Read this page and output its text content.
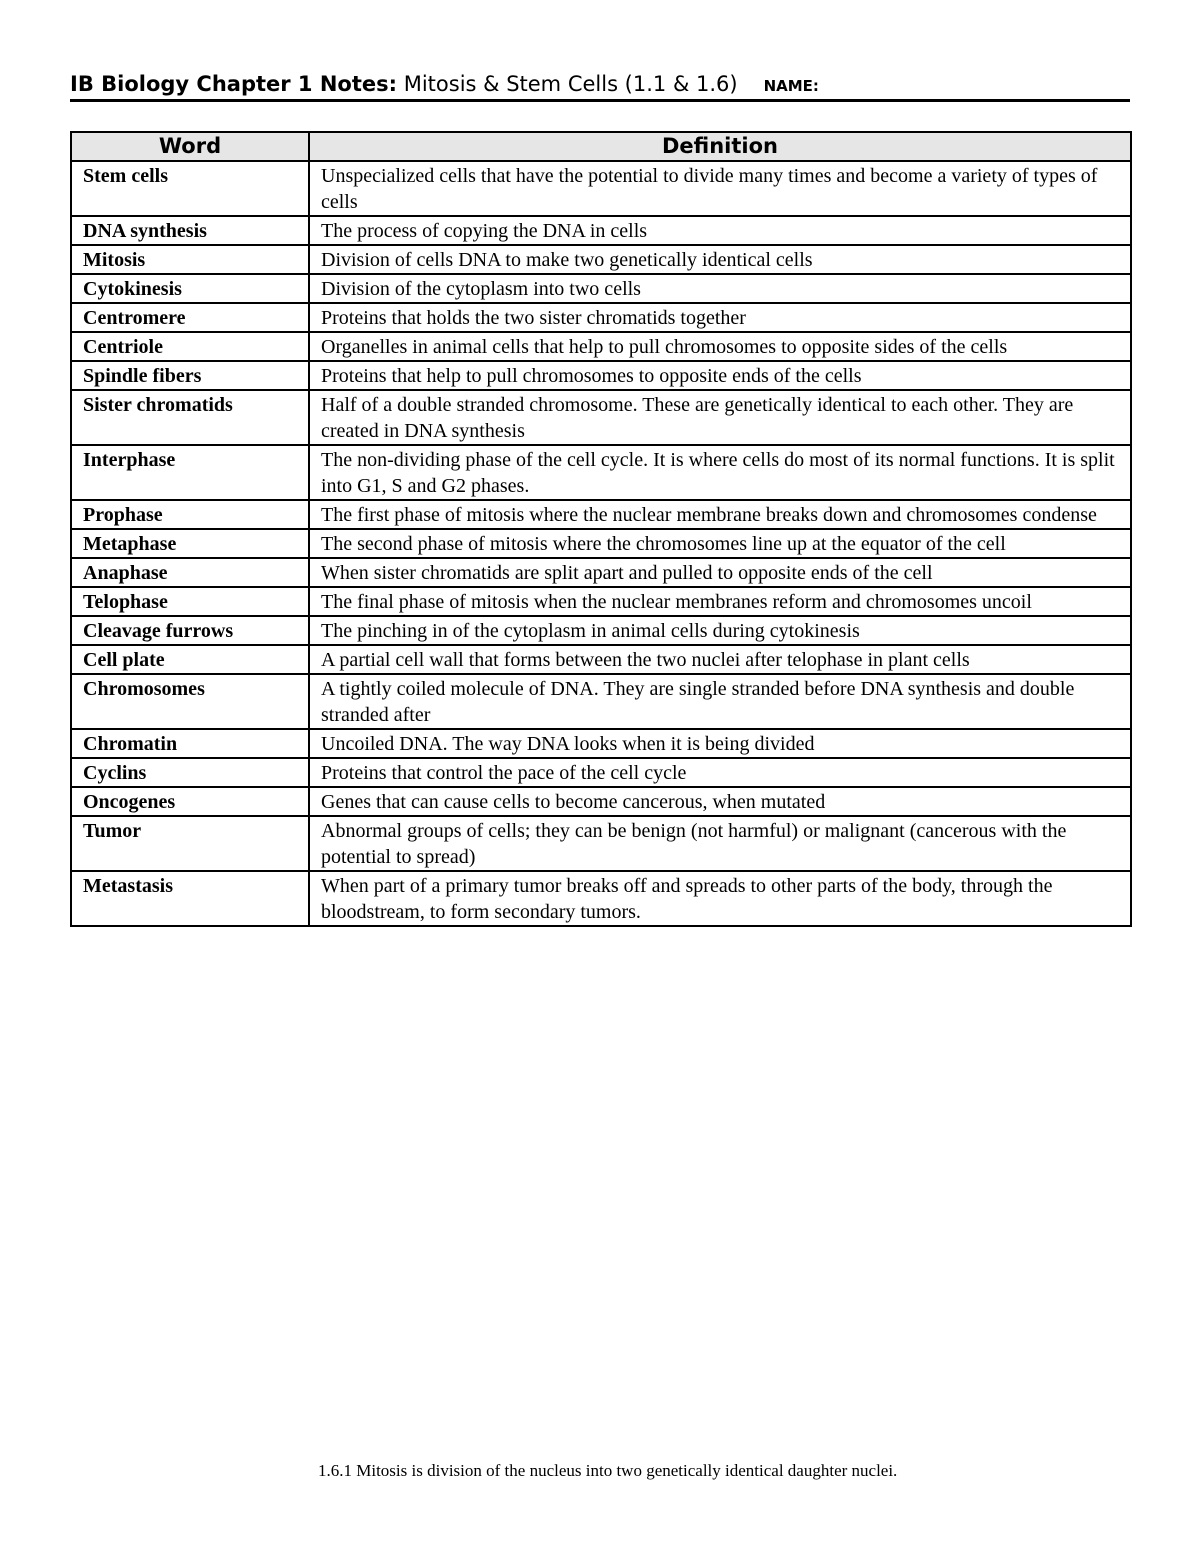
IB Biology Chapter 1 Notes: Mitosis & Stem Cells (1.1 & 1.6) NAME:
Word	Definition
Stem cells	Unspecialized cells that have the potential to divide many times and become a variety of types of cells
DNA synthesis	The process of copying the DNA in cells
Mitosis	Division of cells DNA to make two genetically identical cells
Cytokinesis	Division of the cytoplasm into two cells
Centromere	Proteins that holds the two sister chromatids together
Centriole	Organelles in animal cells that help to pull chromosomes to opposite sides of the cells
Spindle fibers	Proteins that help to pull chromosomes to opposite ends of the cells
Sister chromatids	Half of a double stranded chromosome. These are genetically identical to each other. They are created in DNA synthesis
Interphase	The non-dividing phase of the cell cycle. It is where cells do most of its normal functions. It is split into G1, S and G2 phases.
Prophase	The first phase of mitosis where the nuclear membrane breaks down and chromosomes condense
Metaphase	The second phase of mitosis where the chromosomes line up at the equator of the cell
Anaphase	When sister chromatids are split apart and pulled to opposite ends of the cell
Telophase	The final phase of mitosis when the nuclear membranes reform and chromosomes uncoil
Cleavage furrows	The pinching in of the cytoplasm in animal cells during cytokinesis
Cell plate	A partial cell wall that forms between the two nuclei after telophase in plant cells
Chromosomes	A tightly coiled molecule of DNA. They are single stranded before DNA synthesis and double stranded after
Chromatin	Uncoiled DNA. The way DNA looks when it is being divided
Cyclins	Proteins that control the pace of the cell cycle
Oncogenes	Genes that can cause cells to become cancerous, when mutated
Tumor	Abnormal groups of cells; they can be benign (not harmful) or malignant (cancerous with the potential to spread)
Metastasis	When part of a primary tumor breaks off and spreads to other parts of the body, through the bloodstream, to form secondary tumors.
1.6.1 Mitosis is division of the nucleus into two genetically identical daughter nuclei.
